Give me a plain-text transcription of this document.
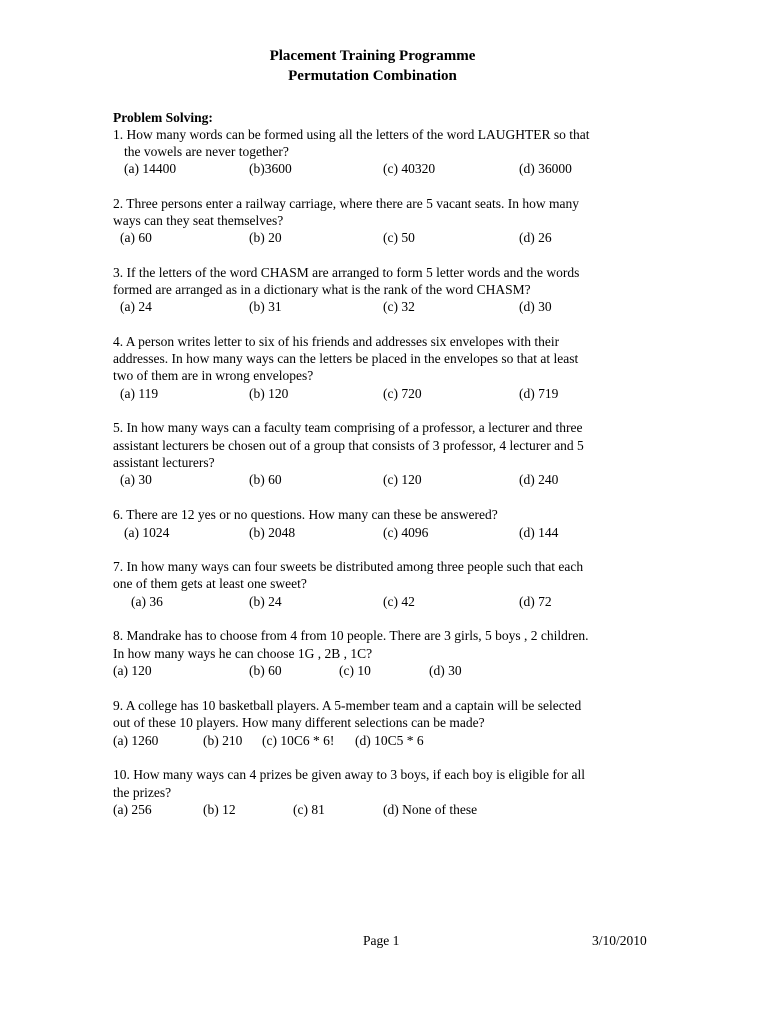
Placement Training Programme
Permutation Combination
Problem Solving:
1. How many words can be formed using all the letters of the word LAUGHTER so that
the vowels are never together?
(a) 14400	(b)3600	(c) 40320	(d) 36000
2. Three persons enter a railway carriage, where there are 5 vacant seats. In how many
ways can they seat themselves?
(a) 60	(b) 20	(c) 50	(d) 26
3. If the letters of the word CHASM are arranged to form 5 letter words and the words
formed are arranged as in a dictionary what is the rank of the word CHASM?
(a) 24	(b) 31	(c) 32	(d) 30
4. A person writes letter to six of his friends and addresses six envelopes with their
addresses. In how many ways can the letters be placed in the envelopes so that at least
two of them are in wrong envelopes?
(a) 119	(b) 120	(c) 720	(d) 719
5. In how many ways can a faculty team comprising of a professor, a lecturer and three
assistant lecturers be chosen out of a group that consists of 3 professor, 4 lecturer and 5
assistant lecturers?
(a) 30	(b) 60	(c) 120	(d) 240
6. There are 12 yes or no questions. How many can these be answered?
(a) 1024	(b) 2048	(c) 4096	(d) 144
7. In how many ways can four sweets be distributed among three people such that each
one of them gets at least one sweet?
(a) 36	(b) 24	(c) 42	(d) 72
8. Mandrake has to choose from 4 from 10 people. There are 3 girls, 5 boys , 2 children.
In how many ways he can choose 1G , 2B , 1C?
(a) 120	(b) 60	(c) 10	(d) 30
9. A college has 10 basketball players. A 5-member team and a captain will be selected
out of these 10 players. How many different selections can be made?
(a) 1260	(b) 210 (c) 10C6 * 6! (d) 10C5 * 6
10. How many ways can 4 prizes be given away to 3 boys, if each boy is eligible for all
the prizes?
(a) 256	(b) 12	(c) 81	(d) None of these
Page 1	3/10/2010
